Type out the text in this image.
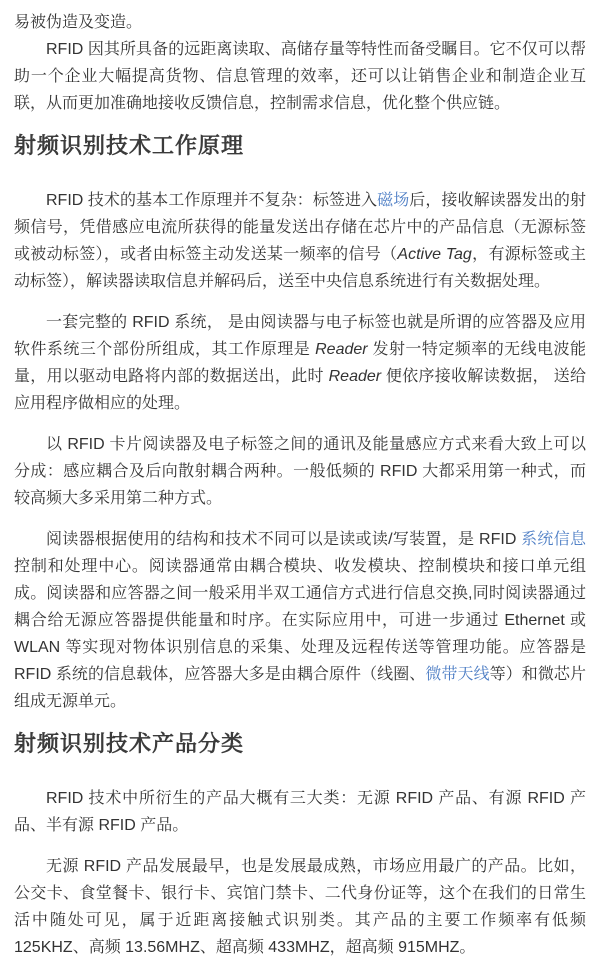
易被伪造及变造。

RFID 因其所具备的远距离读取、高储存量等特性而备受瞩目。它不仅可以帮助一个企业大幅提高货物、信息管理的效率，还可以让销售企业和制造企业互联，从而更加准确地接收反馈信息，控制需求信息，优化整个供应链。

射频识别技术工作原理

RFID 技术的基本工作原理并不复杂：标签进入磁场后，接收解读器发出的射频信号，凭借感应电流所获得的能量发送出存储在芯片中的产品信息（无源标签或被动标签），或者由标签主动发送某一频率的信号（Active Tag，有源标签或主动标签），解读器读取信息并解码后，送至中央信息系统进行有关数据处理。

一套完整的 RFID 系统， 是由阅读器与电子标签也就是所谓的应答器及应用软件系统三个部份所组成，其工作原理是 Reader 发射一特定频率的无线电波能量，用以驱动电路将内部的数据送出，此时 Reader 便依序接收解读数据， 送给应用程序做相应的处理。

以 RFID 卡片阅读器及电子标签之间的通讯及能量感应方式来看大致上可以分成：感应耦合及后向散射耦合两种。一般低频的 RFID 大都采用第一种式，而较高频大多采用第二种方式。

阅读器根据使用的结构和技术不同可以是读或读/写装置，是 RFID 系统信息控制和处理中心。阅读器通常由耦合模块、收发模块、控制模块和接口单元组成。阅读器和应答器之间一般采用半双工通信方式进行信息交换,同时阅读器通过耦合给无源应答器提供能量和时序。在实际应用中，可进一步通过 Ethernet 或 WLAN 等实现对物体识别信息的采集、处理及远程传送等管理功能。应答器是 RFID 系统的信息载体，应答器大多是由耦合原件（线圈、微带天线等）和微芯片组成无源单元。

射频识别技术产品分类

RFID 技术中所衍生的产品大概有三大类：无源 RFID 产品、有源 RFID 产品、半有源 RFID 产品。

无源 RFID 产品发展最早，也是发展最成熟，市场应用最广的产品。比如，公交卡、食堂餐卡、银行卡、宾馆门禁卡、二代身份证等，这个在我们的日常生活中随处可见，属于近距离接触式识别类。其产品的主要工作频率有低频 125KHZ、高频 13.56MHZ、超高频 433MHZ，超高频 915MHZ。
